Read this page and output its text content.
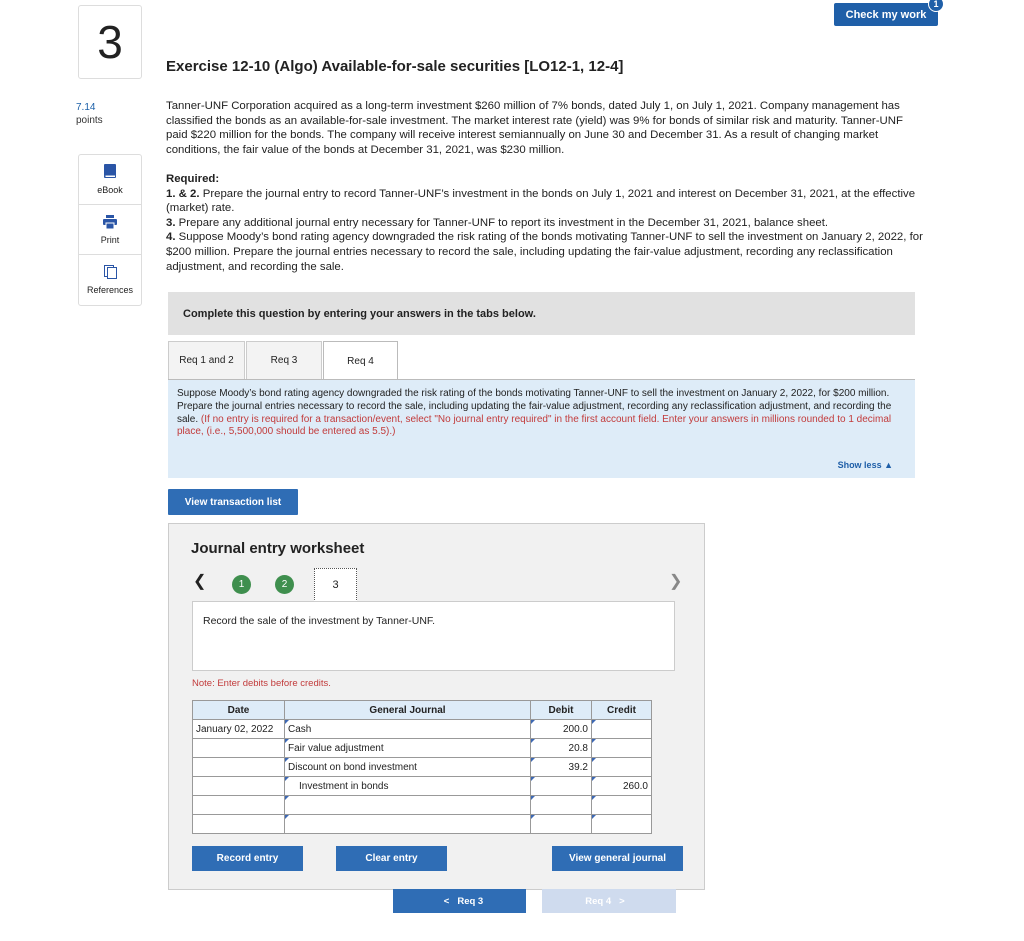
3
7.14
points
eBook
Print
References
Check my work
1
Exercise 12-10 (Algo) Available-for-sale securities [LO12-1, 12-4]
Tanner-UNF Corporation acquired as a long-term investment $260 million of 7% bonds, dated July 1, on July 1, 2021. Company management has classified the bonds as an available-for-sale investment. The market interest rate (yield) was 9% for bonds of similar risk and maturity. Tanner-UNF paid $220 million for the bonds. The company will receive interest semiannually on June 30 and December 31. As a result of changing market conditions, the fair value of the bonds at December 31, 2021, was $230 million.

Required:

1. & 2. Prepare the journal entry to record Tanner-UNF’s investment in the bonds on July 1, 2021 and interest on December 31, 2021, at the effective (market) rate.

3. Prepare any additional journal entry necessary for Tanner-UNF to report its investment in the December 31, 2021, balance sheet.

4. Suppose Moody’s bond rating agency downgraded the risk rating of the bonds motivating Tanner-UNF to sell the investment on January 2, 2022, for $200 million. Prepare the journal entries necessary to record the sale, including updating the fair-value adjustment, recording any reclassification adjustment, and recording the sale.

Complete this question by entering your answers in the tabs below.
Req 1 and 2	Req 3	Req 4
Suppose Moody’s bond rating agency downgraded the risk rating of the bonds motivating Tanner-UNF to sell the investment on January 2, 2022, for $200 million. Prepare the journal entries necessary to record the sale, including updating the fair-value adjustment, recording any reclassification adjustment, and recording the sale. (If no entry is required for a transaction/event, select "No journal entry required" in the first account field. Enter your answers in millions rounded to 1 decimal place, (i.e., 5,500,000 should be entered as 5.5).)
Show less ▲
View transaction list
Journal entry worksheet
❮	1	2	3	❯
Record the sale of the investment by Tanner-UNF.
Note: Enter debits before credits.
Date	General Journal	Debit	Credit
January 02, 2022	Cash	200.0	
	Fair value adjustment	20.8	
	Discount on bond investment	39.2	
	Investment in bonds		260.0

Record entry	Clear entry	View general journal
< Req 3	Req 4 >
